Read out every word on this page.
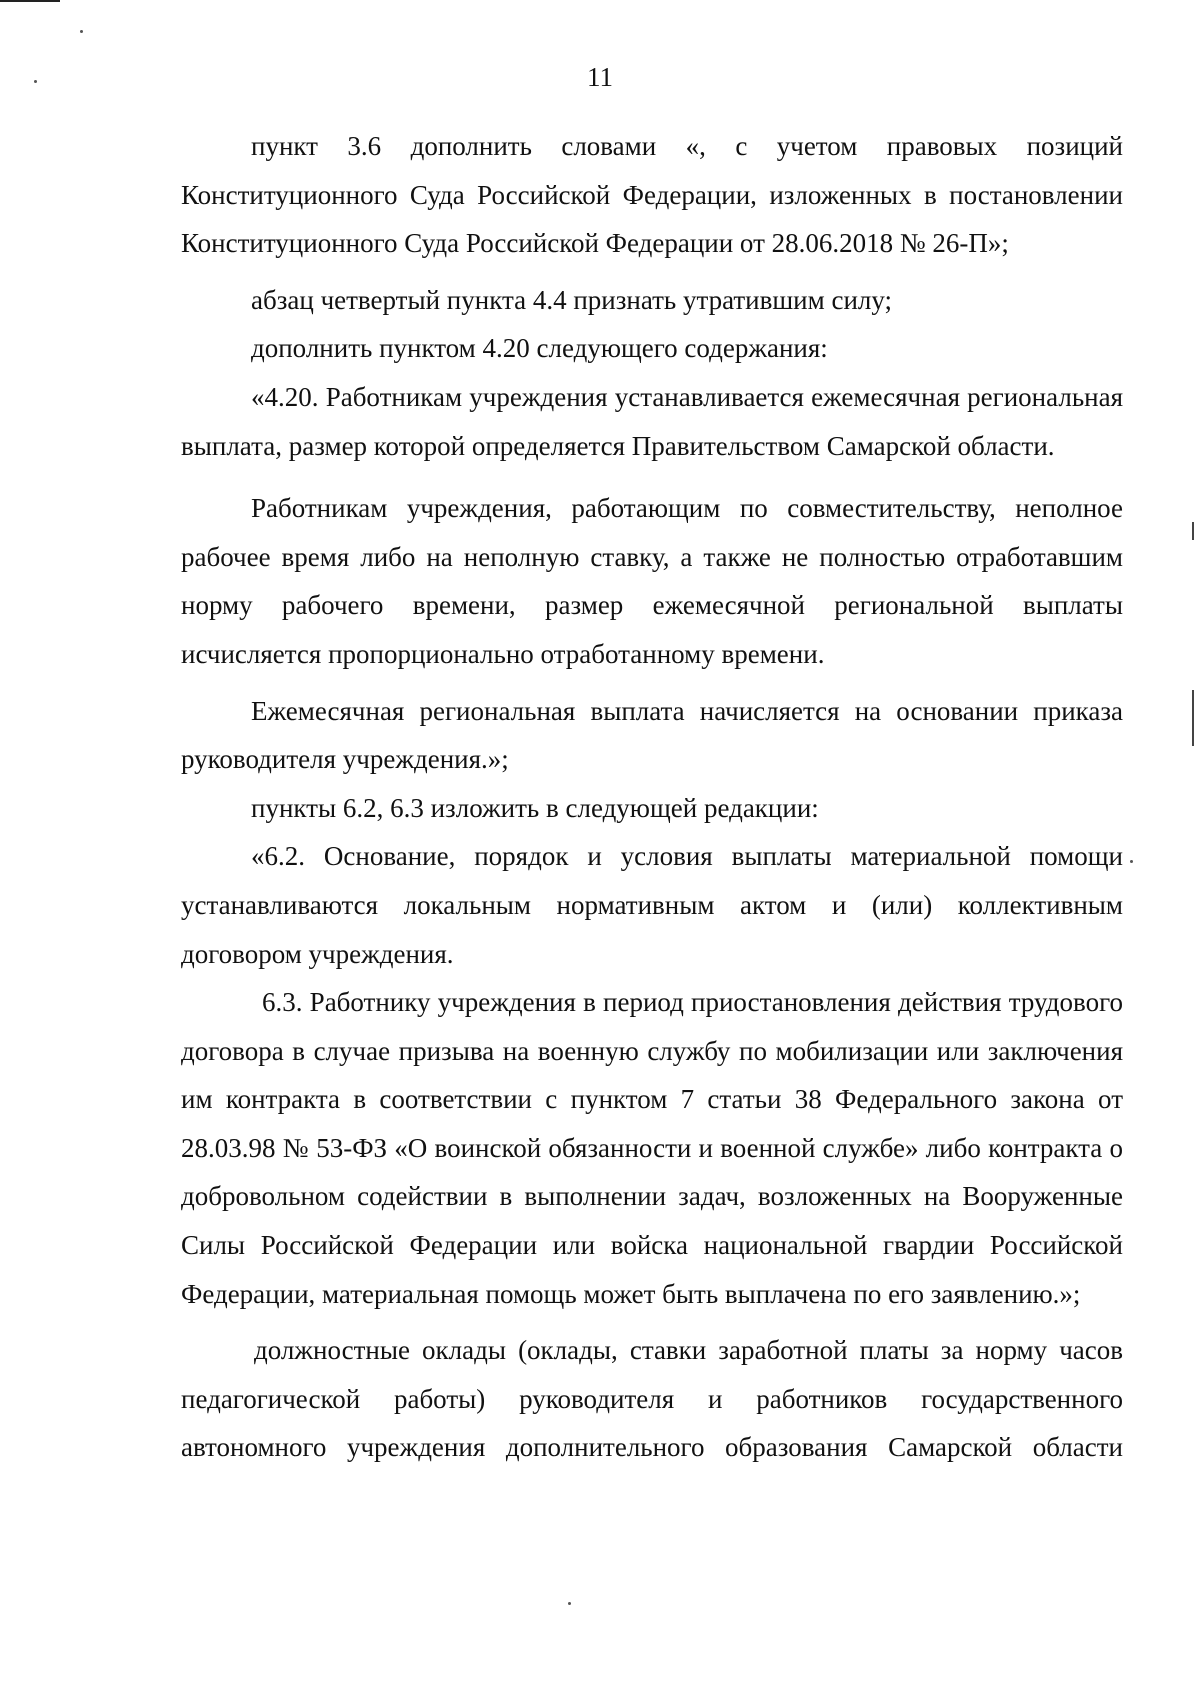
11

пункт 3.6 дополнить словами «, с учетом правовых позиций Конституционного Суда Российской Федерации, изложенных в постановлении Конституционного Суда Российской Федерации от 28.06.2018 № 26-П»;

абзац четвертый пункта 4.4 признать утратившим силу;

дополнить пунктом 4.20 следующего содержания:

«4.20. Работникам учреждения устанавливается ежемесячная региональная выплата, размер которой определяется Правительством Самарской области.

Работникам учреждения, работающим по совместительству, неполное рабочее время либо на неполную ставку, а также не полностью отработавшим норму рабочего времени, размер ежемесячной региональной выплаты исчисляется пропорционально отработанному времени.

Ежемесячная региональная выплата начисляется на основании приказа руководителя учреждения.»;

пункты 6.2, 6.3 изложить в следующей редакции:

«6.2. Основание, порядок и условия выплаты материальной помощи устанавливаются локальным нормативным актом и (или) коллективным договором учреждения.

6.3. Работнику учреждения в период приостановления действия трудового договора в случае призыва на военную службу по мобилизации или заключения им контракта в соответствии с пунктом 7 статьи 38 Федерального закона от 28.03.98 № 53-ФЗ «О воинской обязанности и военной службе» либо контракта о добровольном содействии в выполнении задач, возложенных на Вооруженные Силы Российской Федерации или войска национальной гвардии Российской Федерации, материальная помощь может быть выплачена по его заявлению.»;

должностные оклады (оклады, ставки заработной платы за норму часов педагогической работы) руководителя и работников государственного автономного учреждения дополнительного образования Самарской области
